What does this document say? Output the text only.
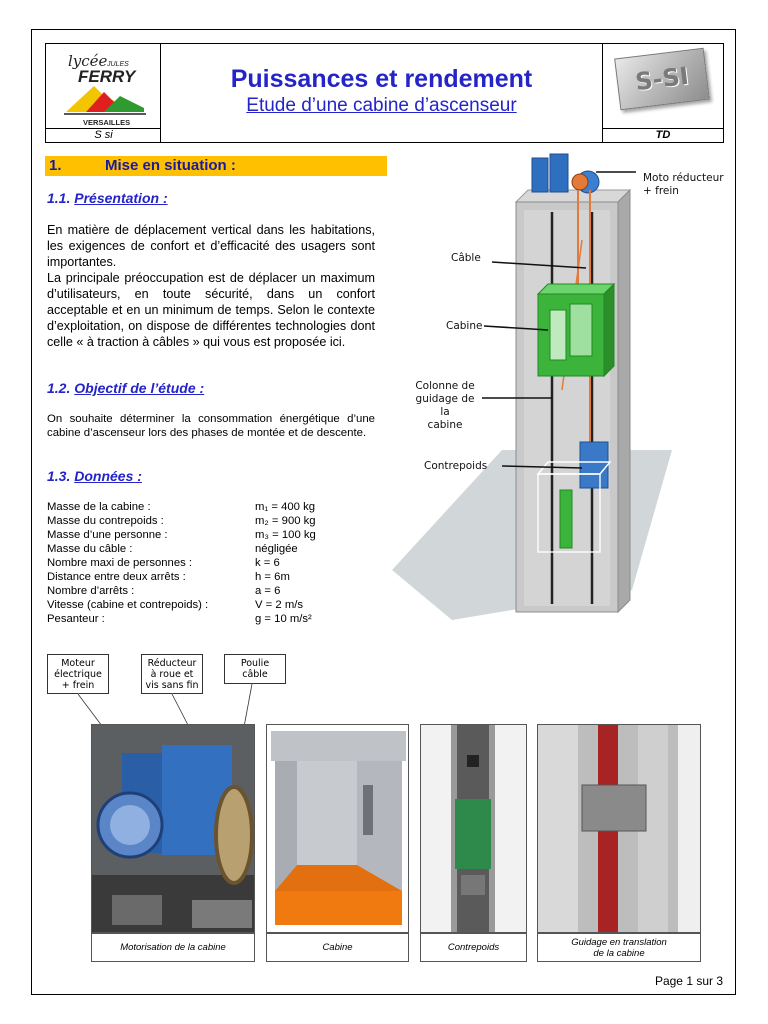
lycée JULES
FERRY
VERSAILLES
S si
Puissances et rendement
Etude d’une cabine d’ascenseur
S-SI
TD
1.	Mise en situation :
1.1. Présentation :
En matière de déplacement vertical dans les habitations, les exigences de confort et d’efficacité des usagers sont importantes.
La principale préoccupation est de déplacer un maximum d’utilisateurs, en toute sécurité, dans un confort acceptable et en un minimum de temps. Selon le contexte d’exploitation, on dispose de différentes technologies dont celle « à traction à câbles » qui vous est proposée ici.
1.2. Objectif de l’étude :
On souhaite déterminer la consommation énergétique d’une cabine d’ascenseur lors des phases de montée et de descente.
1.3. Données :
Masse de la cabine :	m₁ = 400 kg
Masse du contrepoids :	m₂ = 900 kg
Masse d’une personne :	m₃ = 100 kg
Masse du câble :	négligée
Nombre maxi de personnes :	k = 6
Distance entre deux arrêts :	h = 6m
Nombre d’arrêts :	a = 6
Vitesse (cabine et contrepoids) :	V = 2 m/s
Pesanteur :	g = 10 m/s²
Moto réducteur
+ frein
Câble
Cabine
Colonne de
guidage de la
cabine
Contrepoids
Moteur
électrique
+ frein
Réducteur
à roue et
vis sans fin
Poulie
câble
Motorisation de la cabine	Cabine	Contrepoids	Guidage en translation
de la cabine
Page 1 sur 3
